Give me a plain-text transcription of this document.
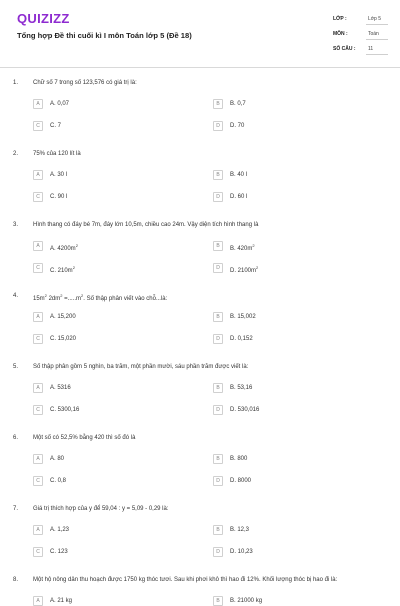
QUIZIZZ
Tổng hợp Đề thi cuối kì I môn Toán lớp 5 (Đề 18)
LỚP :	Lớp 5
MÔN :	Toán
SỐ CÂU :	11
1. Chữ số 7 trong số 123,576 có giá trị là:
A	A. 0,07	B	B. 0,7
C	C. 7	D	D. 70
2. 75% của 120 lít là
A	A. 30 l	B	B. 40 l
C	C. 90 l	D	D. 60 l
3. Hình thang có đáy bé 7m, đáy lớn 10,5m, chiều cao 24m. Vậy diện tích hình thang là
A	A. $4200m^2$	B	B. $420m^2$
C	C. $210m^2$	D	D. $2100m^2$
4. $15m^2$ $2dm^2 =.....m^2$. Số thập phân viết vào chỗ...là:
A	A. 15,200	B	B. 15,002
C	C. 15,020	D	D. 0,152
5. Số thập phân gồm 5 nghìn, ba trăm, một phần mười, sáu phần trăm được viết là:
A	A. 5316	B	B. 53,16
C	C. 5300,16	D	D. 530,016
6. Một số có 52,5% bằng 420 thì số đó là
A	A. 80	B	B. 800
C	C. 0,8	D	D. 8000
7. Giá trị thích hợp của y để 59,04 : y = 5,09 - 0,29 là:
A	A. 1,23	B	B. 12,3
C	C. 123	D	D. 10,23
8. Một hộ nông dân thu hoạch được 1750 kg thóc tươi. Sau khi phơi khô thì hao đi 12%. Khối lượng thóc bị hao đi là:
A	A. 21 kg	B	B. 21000 kg
